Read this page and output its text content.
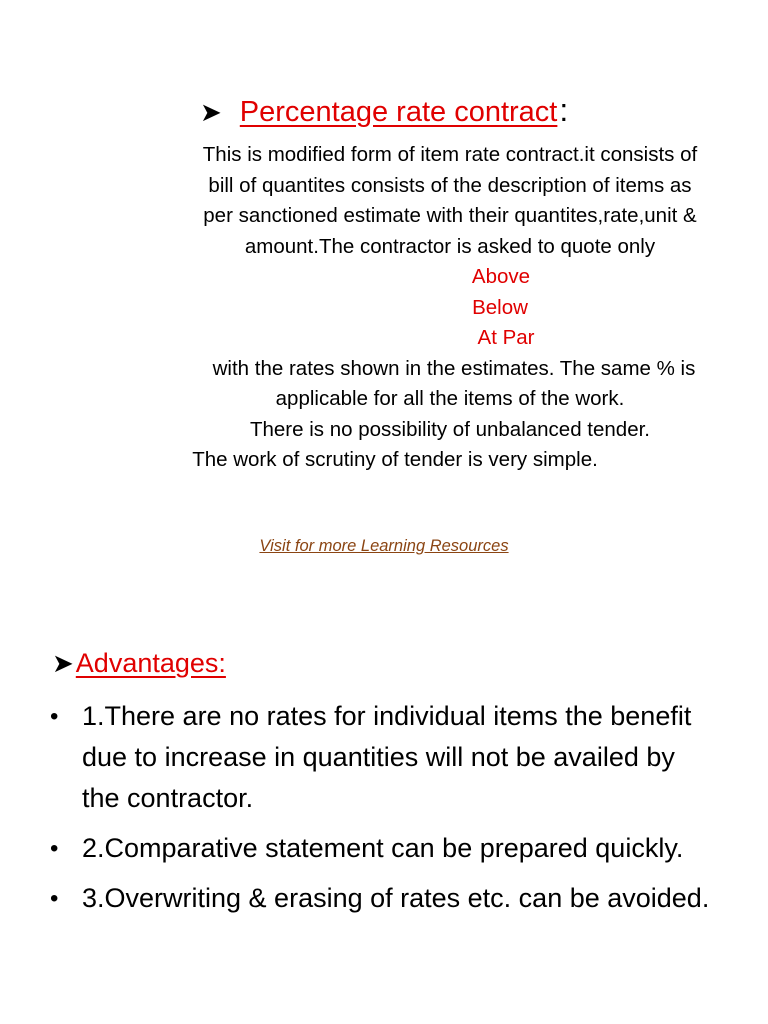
➤ Percentage rate contract :

This is modified form of item rate contract.it consists of

bill of quantites consists of the description of items as

per sanctioned estimate with their quantites,rate,unit &

amount.The contractor is asked to quote only

Above

Below

At Par

with the rates shown in the estimates. The same % is

applicable for all the items of the work.

There is no possibility of unbalanced tender.

The work of scrutiny of tender is very simple.

Visit for more Learning Resources
➤ Advantages:
• 1.There are no rates for individual items the benefit due to increase in quantities will not be availed by the contractor.
• 2.Comparative statement can be prepared quickly.
• 3.Overwriting & erasing of rates etc. can be avoided.
